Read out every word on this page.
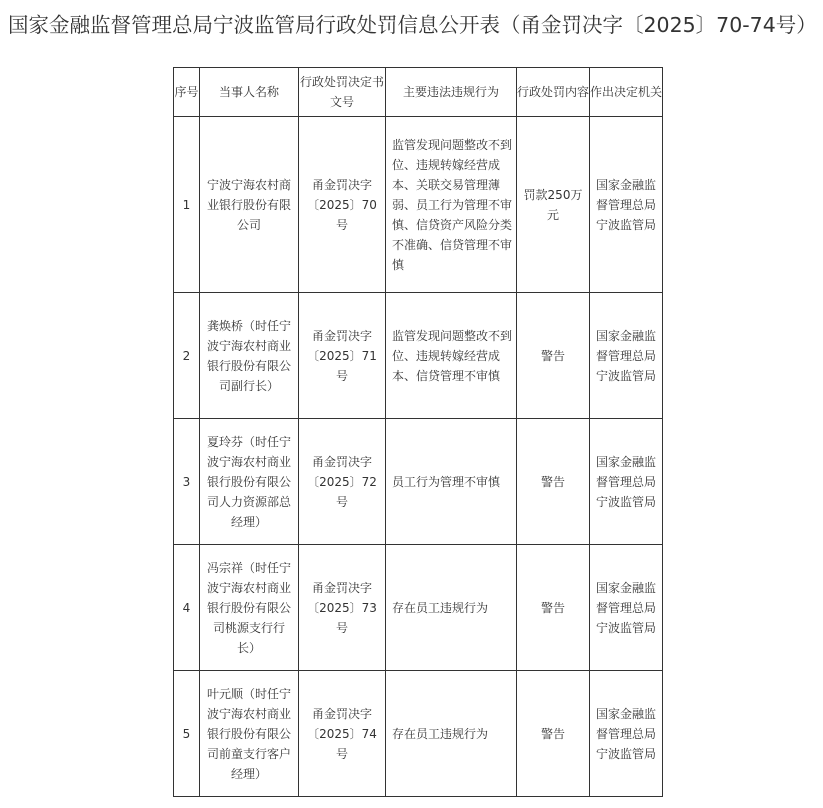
国家金融监督管理总局宁波监管局行政处罚信息公开表（甬金罚决字〔2025〕70-74号）
序号	当事人名称	行政处罚决定书文号	主要违法违规行为	行政处罚内容	作出决定机关
1	宁波宁海农村商业银行股份有限公司	甬金罚决字〔2025〕70号	监管发现问题整改不到位、违规转嫁经营成本、关联交易管理薄弱、员工行为管理不审慎、信贷资产风险分类不准确、信贷管理不审慎	罚款250万元	国家金融监督管理总局宁波监管局
2	龚焕桥（时任宁波宁海农村商业银行股份有限公司副行长）	甬金罚决字〔2025〕71号	监管发现问题整改不到位、违规转嫁经营成本、信贷管理不审慎	警告	国家金融监督管理总局宁波监管局
3	夏玲芬（时任宁波宁海农村商业银行股份有限公司人力资源部总经理）	甬金罚决字〔2025〕72号	员工行为管理不审慎	警告	国家金融监督管理总局宁波监管局
4	冯宗祥（时任宁波宁海农村商业银行股份有限公司桃源支行行长）	甬金罚决字〔2025〕73号	存在员工违规行为	警告	国家金融监督管理总局宁波监管局
5	叶元顺（时任宁波宁海农村商业银行股份有限公司前童支行客户经理）	甬金罚决字〔2025〕74号	存在员工违规行为	警告	国家金融监督管理总局宁波监管局
